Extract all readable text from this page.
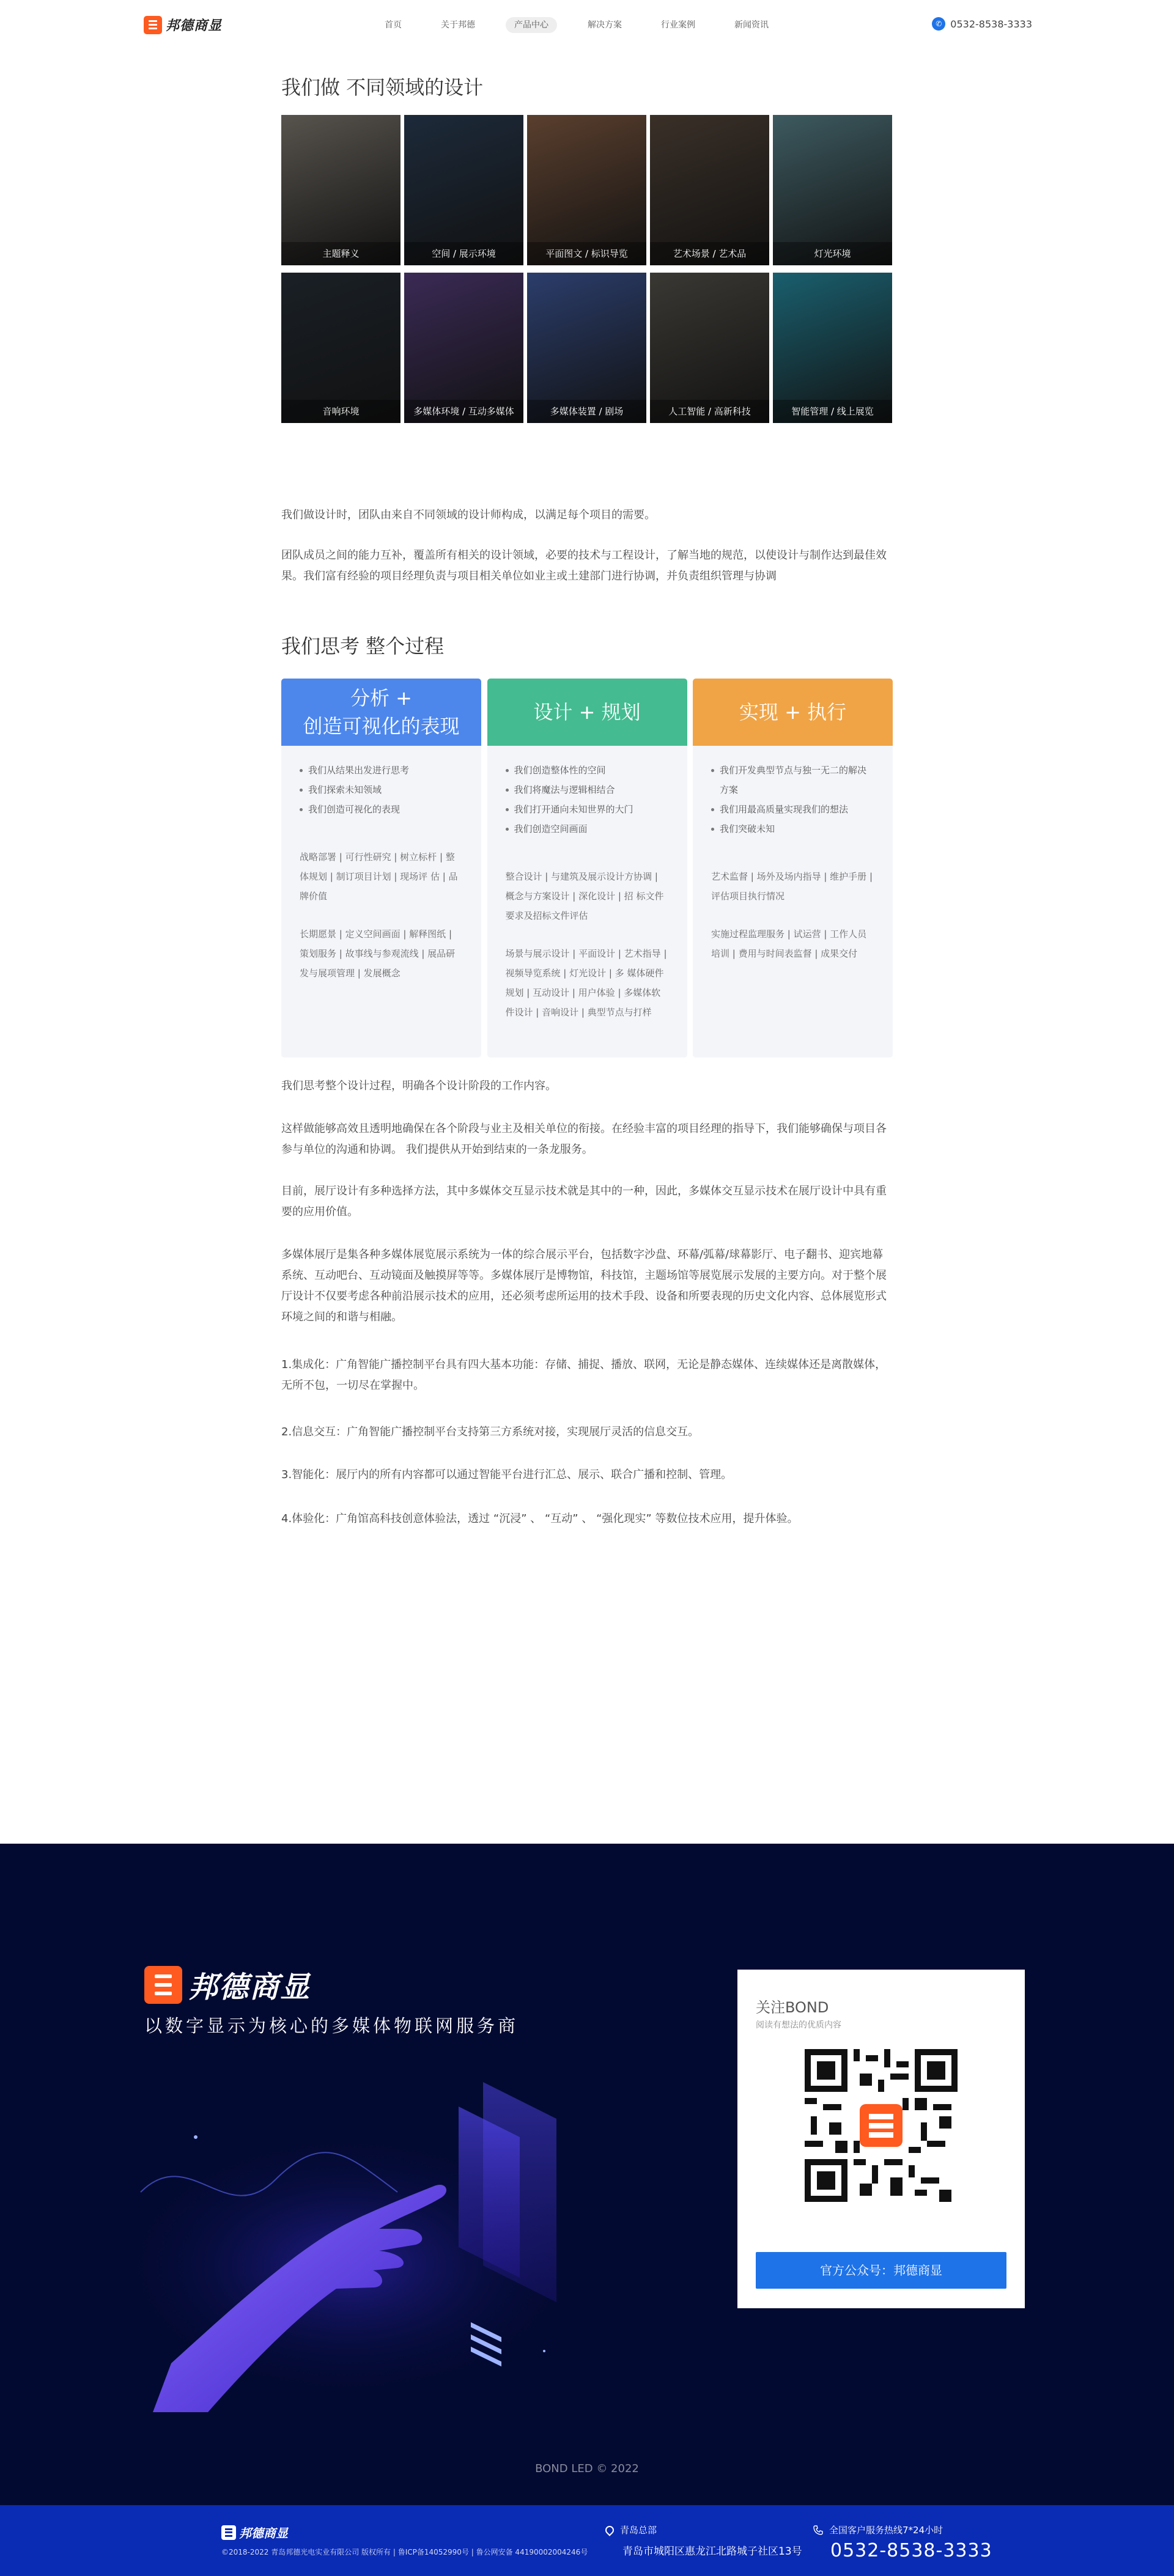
邦德商显	首页	关于邦德	产品中心	解决方案	行业案例	新闻资讯	✆ 0532-8538-3333
我们做 不同领域的设计
主题释义	空间 / 展示环境	平面图文 / 标识导览	艺术场景 / 艺术品	灯光环境
音响环境	多媒体环境 / 互动多媒体	多媒体装置 / 剧场	人工智能 / 高新科技	智能管理 / 线上展览

我们做设计时，团队由来自不同领域的设计师构成，以满足每个项目的需要。

团队成员之间的能力互补，覆盖所有相关的设计领域，必要的技术与工程设计，了解当地的规范，以使设计与制作达到最佳效果。我们富有经验的项目经理负责与项目相关单位如业主或土建部门进行协调，并负责组织管理与协调

我们思考 整个过程
分析 +
创造可视化的表现
我们从结果出发进行思考
我们探索未知领域
我们创造可视化的表现

战略部署 | 可行性研究 | 树立标杆 | 整体规划 | 制订项目计划 | 现场评 估 | 品牌价值

长期愿景 | 定义空间画面 | 解释图纸 | 策划服务 | 故事线与参观流线 | 展品研发与展项管理 | 发展概念

设计 + 规划
我们创造整体性的空间
我们将魔法与逻辑相结合
我们打开通向未知世界的大门
我们创造空间画面

整合设计 | 与建筑及展示设计方协调 | 概念与方案设计 | 深化设计 | 招 标文件要求及招标文件评估

场景与展示设计 | 平面设计 | 艺术指导 | 视频导览系统 | 灯光设计 | 多 媒体硬件规划 | 互动设计 | 用户体验 | 多媒体软件设计 | 音响设计 | 典型节点与打样

实现 + 执行
我们开发典型节点与独一无二的解决方案
我们用最高质量实现我们的想法
我们突破未知

艺术监督 | 场外及场内指导 | 维护手册 | 评估项目执行情况

实施过程监理服务 | 试运营 | 工作人员培训 | 费用与时间表监督 | 成果交付

我们思考整个设计过程，明确各个设计阶段的工作内容。

这样做能够高效且透明地确保在各个阶段与业主及相关单位的衔接。在经验丰富的项目经理的指导下，我们能够确保与项目各参与单位的沟通和协调。 我们提供从开始到结束的一条龙服务。

目前，展厅设计有多种选择方法，其中多媒体交互显示技术就是其中的一种，因此，多媒体交互显示技术在展厅设计中具有重要的应用价值。

多媒体展厅是集各种多媒体展览展示系统为一体的综合展示平台，包括数字沙盘、环幕/弧幕/球幕影厅、电子翻书、迎宾地幕系统、互动吧台、互动镜面及触摸屏等等。多媒体展厅是博物馆，科技馆，主题场馆等展览展示发展的主要方向。对于整个展厅设计不仅要考虑各种前沿展示技术的应用，还必须考虑所运用的技术手段、设备和所要表现的历史文化内容、总体展览形式环境之间的和谐与相融。

1.集成化：广角智能广播控制平台具有四大基本功能：存储、捕捉、播放、联网，无论是静态媒体、连续媒体还是离散媒体，无所不包，一切尽在掌握中。

2.信息交互：广角智能广播控制平台支持第三方系统对接，实现展厅灵活的信息交互。

3.智能化：展厅内的所有内容都可以通过智能平台进行汇总、展示、联合广播和控制、管理。

4.体验化：广角馆高科技创意体验法，透过 “沉浸” 、 “互动” 、 “强化现实” 等数位技术应用，提升体验。

邦德商显
以数字显示为核心的多媒体物联网服务商
关注BOND
阅读有想法的优质内容
官方公众号：邦德商显
BOND LED © 2022
邦德商显
©2018-2022 青岛邦德光电实业有限公司 版权所有 | 鲁ICP备14052990号 | 鲁公网安备 44190002004246号
青岛总部
青岛市城阳区惠龙江北路城子社区13号
全国客户服务热线7*24小时
0532-8538-3333
